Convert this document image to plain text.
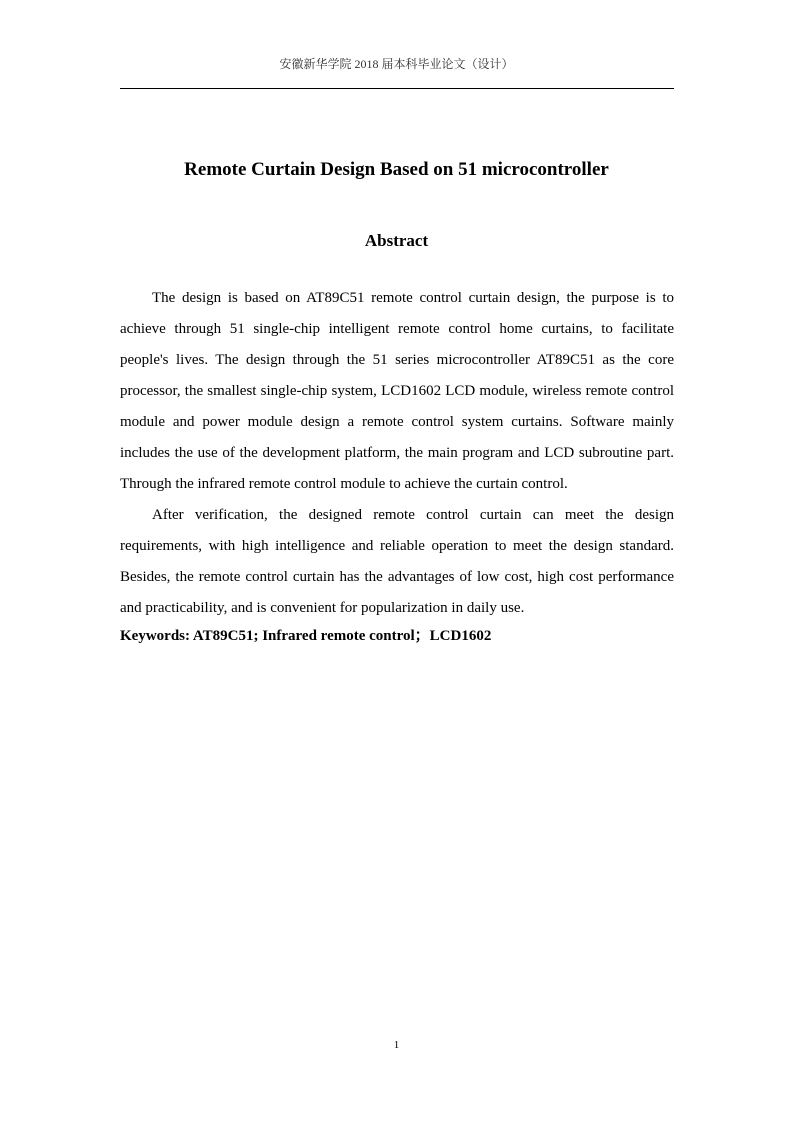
安徽新华学院 2018 届本科毕业论文（设计）
Remote Curtain Design Based on 51 microcontroller
Abstract

The design is based on AT89C51 remote control curtain design, the purpose is to achieve through 51 single-chip intelligent remote control home curtains, to facilitate people's lives. The design through the 51 series microcontroller AT89C51 as the core processor, the smallest single-chip system, LCD1602 LCD module, wireless remote control module and power module design a remote control system curtains. Software mainly includes the use of the development platform, the main program and LCD subroutine part. Through the infrared remote control module to achieve the curtain control.

After verification, the designed remote control curtain can meet the design requirements, with high intelligence and reliable operation to meet the design standard. Besides, the remote control curtain has the advantages of low cost, high cost performance and practicability, and is convenient for popularization in daily use.

Keywords: AT89C51; Infrared remote control；LCD1602

1
